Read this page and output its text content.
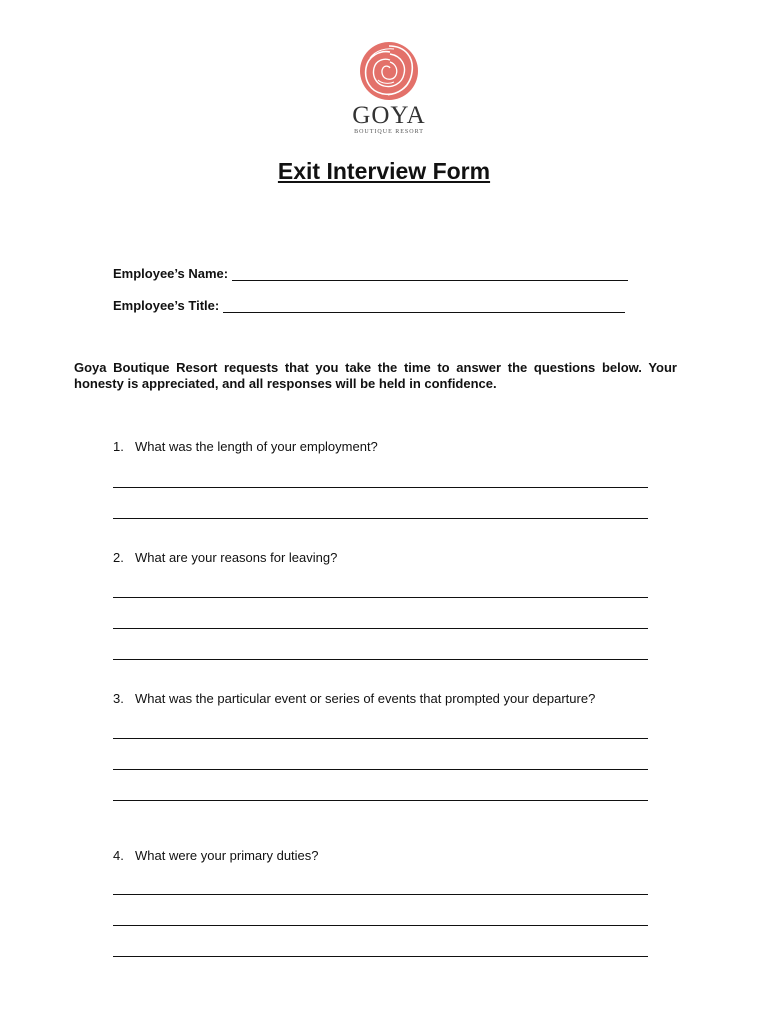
GOYA
BOUTIQUE RESORT
Exit Interview Form
Employee’s Name:
Employee’s Title:
Goya Boutique Resort requests that you take the time to answer the questions below. Your honesty is appreciated, and all responses will be held in confidence.
1. What was the length of your employment?
2. What are your reasons for leaving?
3. What was the particular event or series of events that prompted your departure?
4. What were your primary duties?
